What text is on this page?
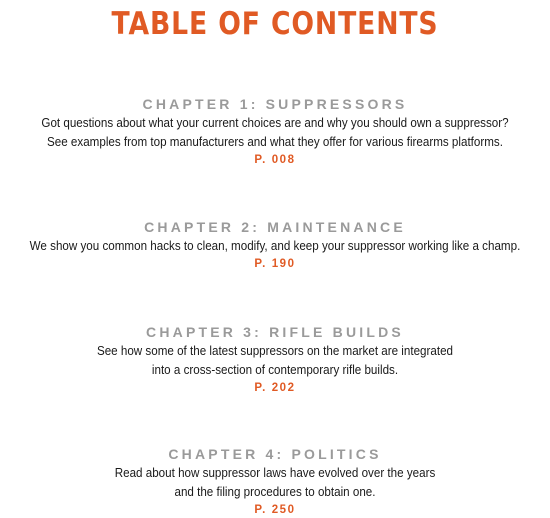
TABLE OF CONTENTS
CHAPTER 1: SUPPRESSORS
Got questions about what your current choices are and why you should own a suppressor?
See examples from top manufacturers and what they offer for various firearms platforms.
P. 008
CHAPTER 2: MAINTENANCE
We show you common hacks to clean, modify, and keep your suppressor working like a champ.
P. 190
CHAPTER 3: RIFLE BUILDS
See how some of the latest suppressors on the market are integrated
into a cross-section of contemporary rifle builds.
P. 202
CHAPTER 4: POLITICS
Read about how suppressor laws have evolved over the years
and the filing procedures to obtain one.
P. 250
